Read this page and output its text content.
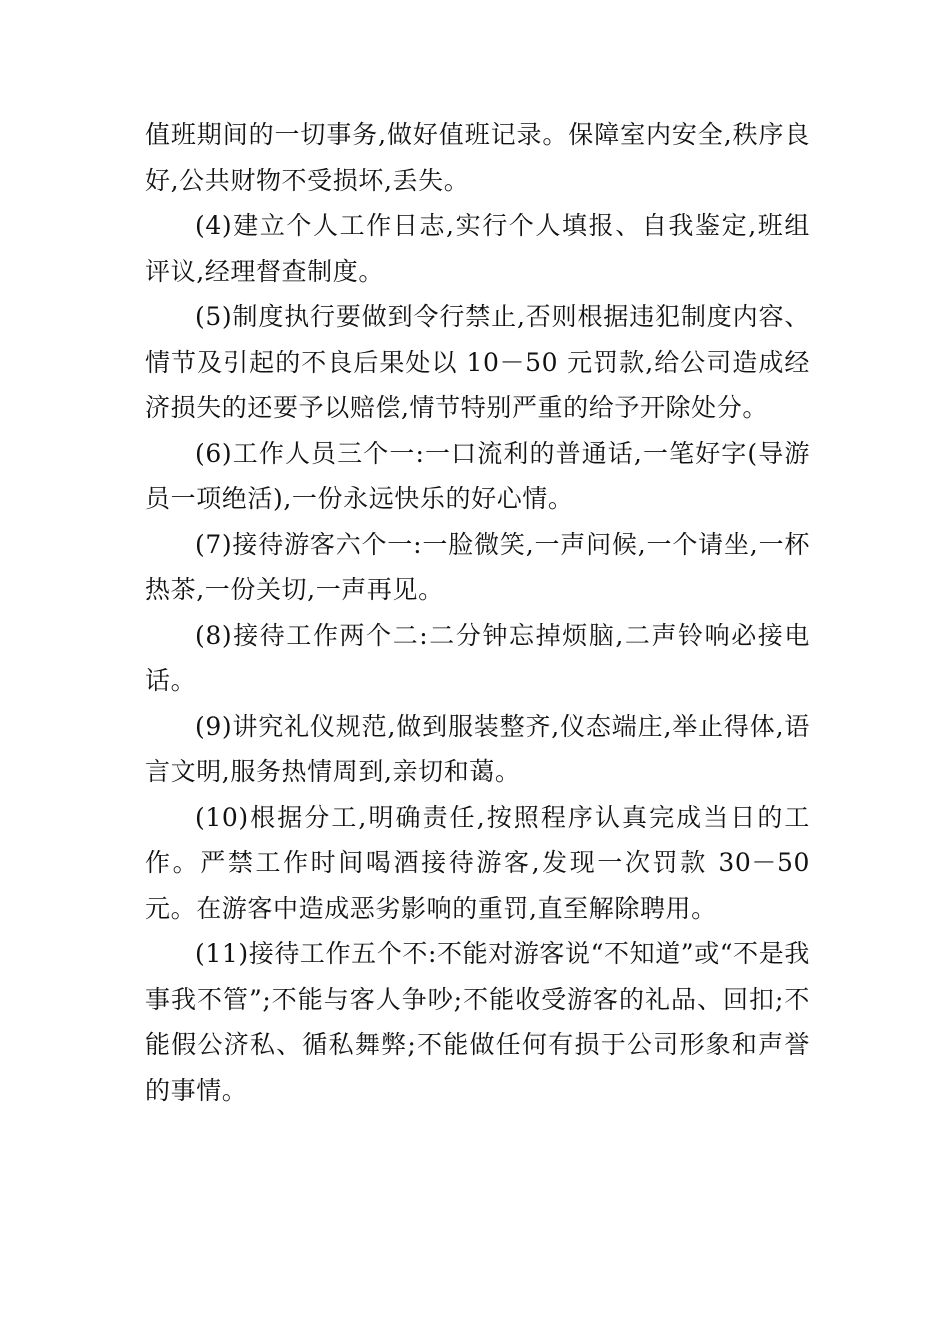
值班期间的一切事务,做好值班记录。保障室内安全,秩序良好,公共财物不受损坏,丢失。

(4)建立个人工作日志,实行个人填报、自我鉴定,班组评议,经理督查制度。

(5)制度执行要做到令行禁止,否则根据违犯制度内容、情节及引起的不良后果处以 10－50 元罚款,给公司造成经济损失的还要予以赔偿,情节特别严重的给予开除处分。

(6)工作人员三个一:一口流利的普通话,一笔好字(导游员一项绝活),一份永远快乐的好心情。

(7)接待游客六个一:一脸微笑,一声问候,一个请坐,一杯热茶,一份关切,一声再见。

(8)接待工作两个二:二分钟忘掉烦脑,二声铃响必接电话。

(9)讲究礼仪规范,做到服装整齐,仪态端庄,举止得体,语言文明,服务热情周到,亲切和蔼。

(10)根据分工,明确责任,按照程序认真完成当日的工作。严禁工作时间喝酒接待游客,发现一次罚款 30－50 元。在游客中造成恶劣影响的重罚,直至解除聘用。

(11)接待工作五个不:不能对游客说“不知道”或“不是我事我不管”;不能与客人争吵;不能收受游客的礼品、回扣;不能假公济私、循私舞弊;不能做任何有损于公司形象和声誉的事情。
